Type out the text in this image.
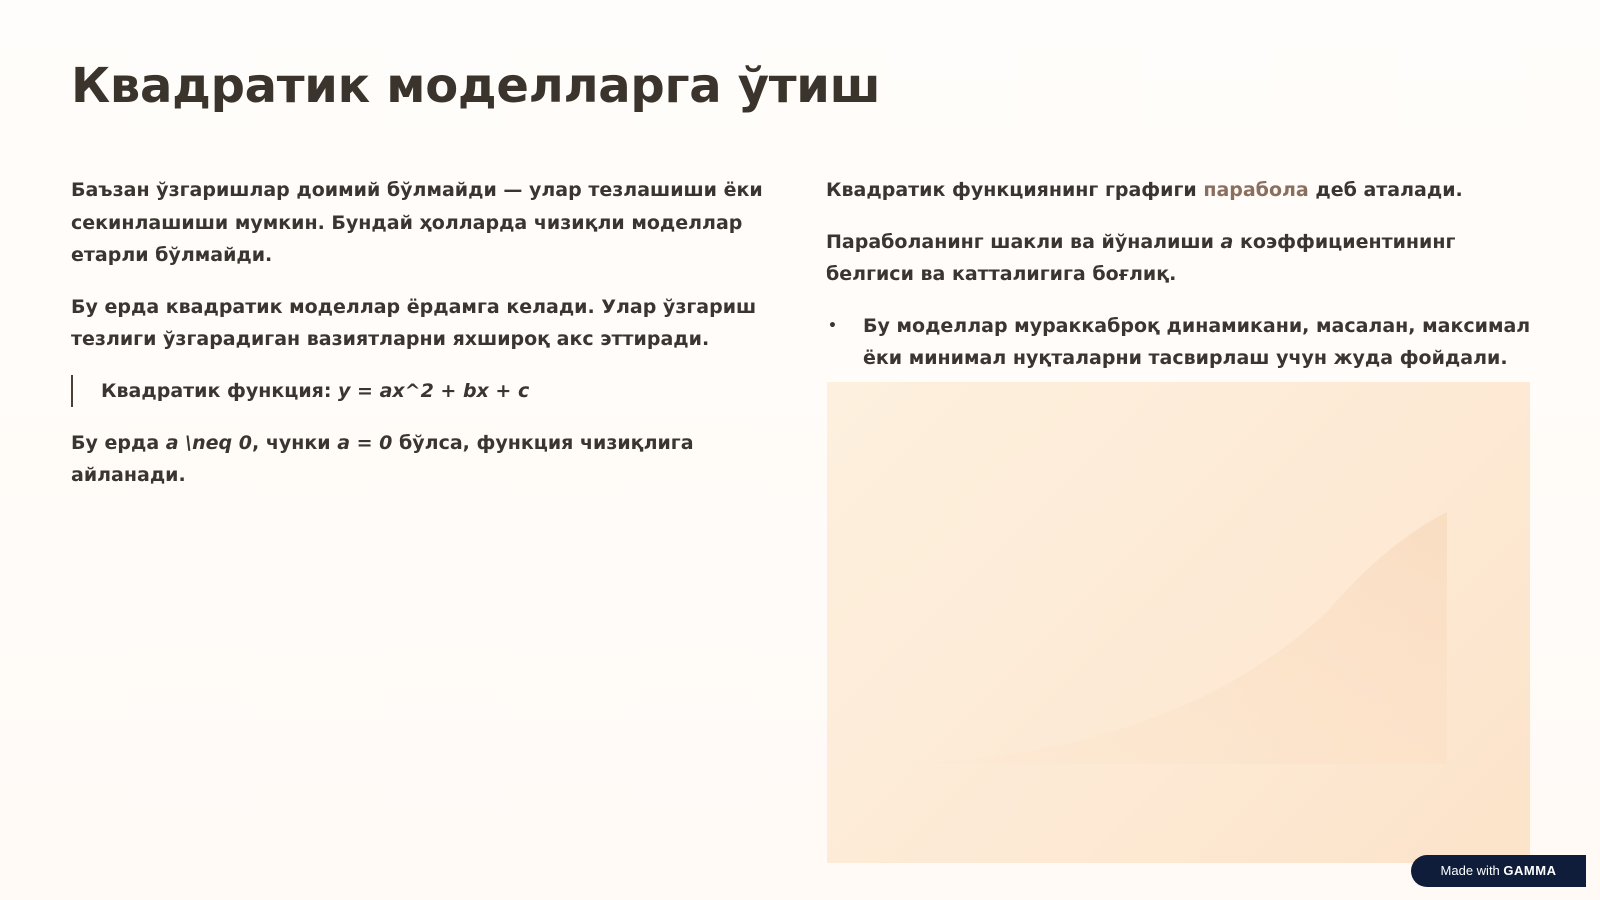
Квадратик моделларга ўтиш

Баъзан ўзгаришлар доимий бўлмайди — улар тезлашиши ёки секинлашиши мумкин. Бундай ҳолларда чизиқли моделлар етарли бўлмайди.

Бу ерда квадратик моделлар ёрдамга келади. Улар ўзгариш тезлиги ўзгарадиган вазиятларни яхшироқ акс эттиради.

Квадратик функция: y = ax^2 + bx + c

Бу ерда a \neq 0, чунки a = 0 бўлса, функция чизиқлига айланади.

Квадратик функциянинг графиги парабола деб аталади.

Параболанинг шакли ва йўналиши a коэффициентининг белгиси ва катталигига боғлиқ.

• Бу моделлар мураккаброқ динамикани, масалан, максимал ёки минимал нуқталарни тасвирлаш учун жуда фойдали.
Made with GAMMA
